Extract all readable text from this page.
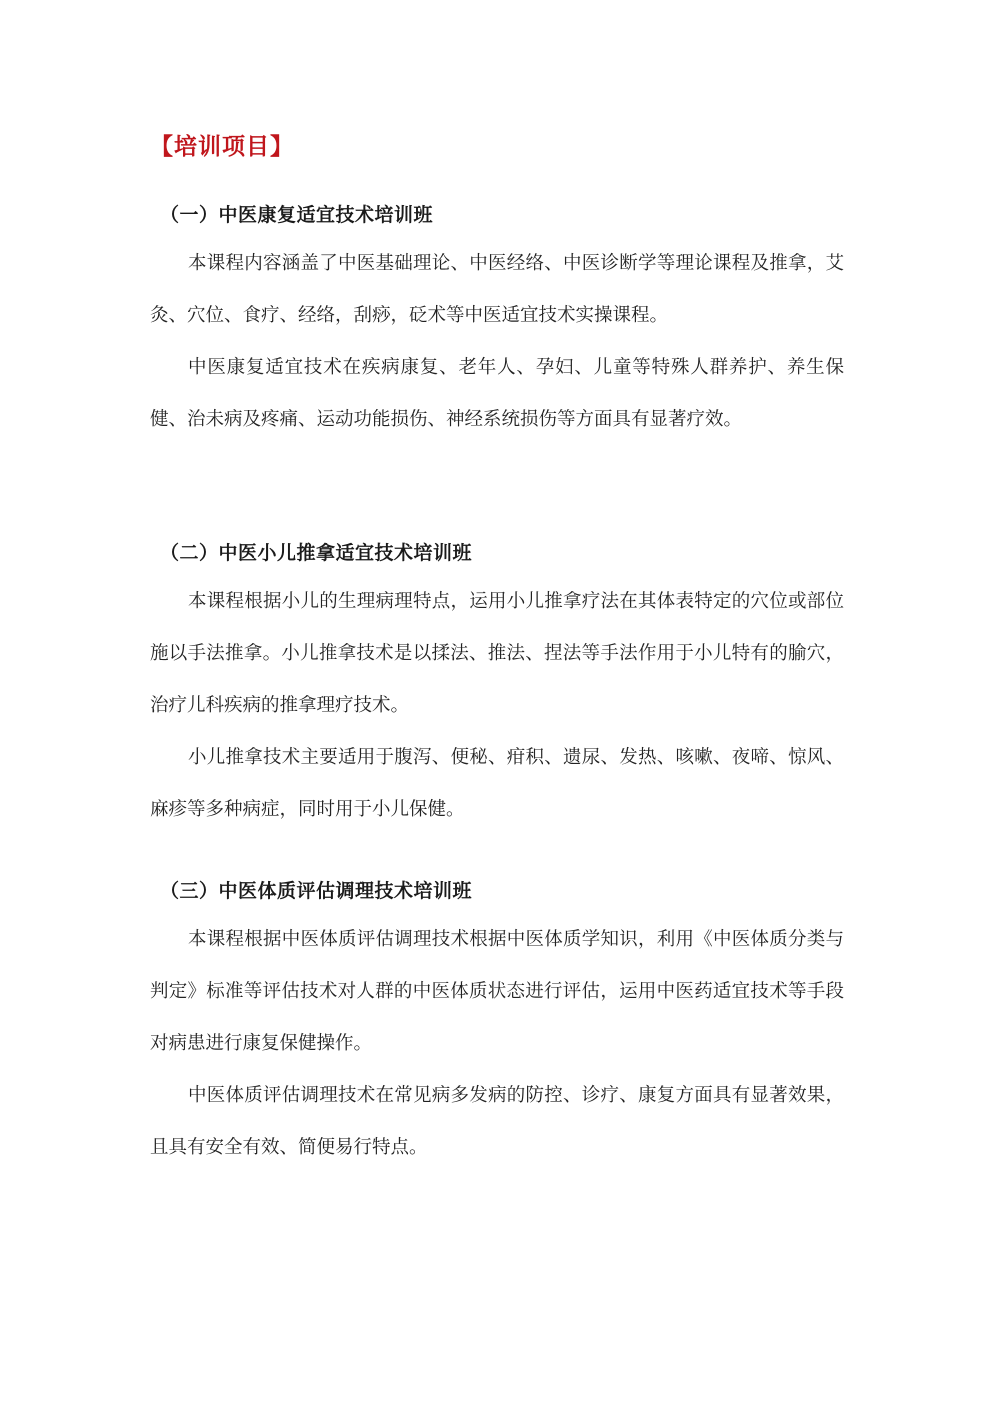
【培训项目】
（一）中医康复适宜技术培训班

本课程内容涵盖了中医基础理论、中医经络、中医诊断学等理论课程及推拿，艾灸、穴位、食疗、经络，刮痧，砭术等中医适宜技术实操课程。

中医康复适宜技术在疾病康复、老年人、孕妇、儿童等特殊人群养护、养生保健、治未病及疼痛、运动功能损伤、神经系统损伤等方面具有显著疗效。

（二）中医小儿推拿适宜技术培训班

本课程根据小儿的生理病理特点，运用小儿推拿疗法在其体表特定的穴位或部位施以手法推拿。小儿推拿技术是以揉法、推法、捏法等手法作用于小儿特有的腧穴，治疗儿科疾病的推拿理疗技术。

小儿推拿技术主要适用于腹泻、便秘、疳积、遗尿、发热、咳嗽、夜啼、惊风、麻疹等多种病症，同时用于小儿保健。

（三）中医体质评估调理技术培训班

本课程根据中医体质评估调理技术根据中医体质学知识，利用《中医体质分类与判定》标准等评估技术对人群的中医体质状态进行评估，运用中医药适宜技术等手段对病患进行康复保健操作。

中医体质评估调理技术在常见病多发病的防控、诊疗、康复方面具有显著效果，且具有安全有效、简便易行特点。
